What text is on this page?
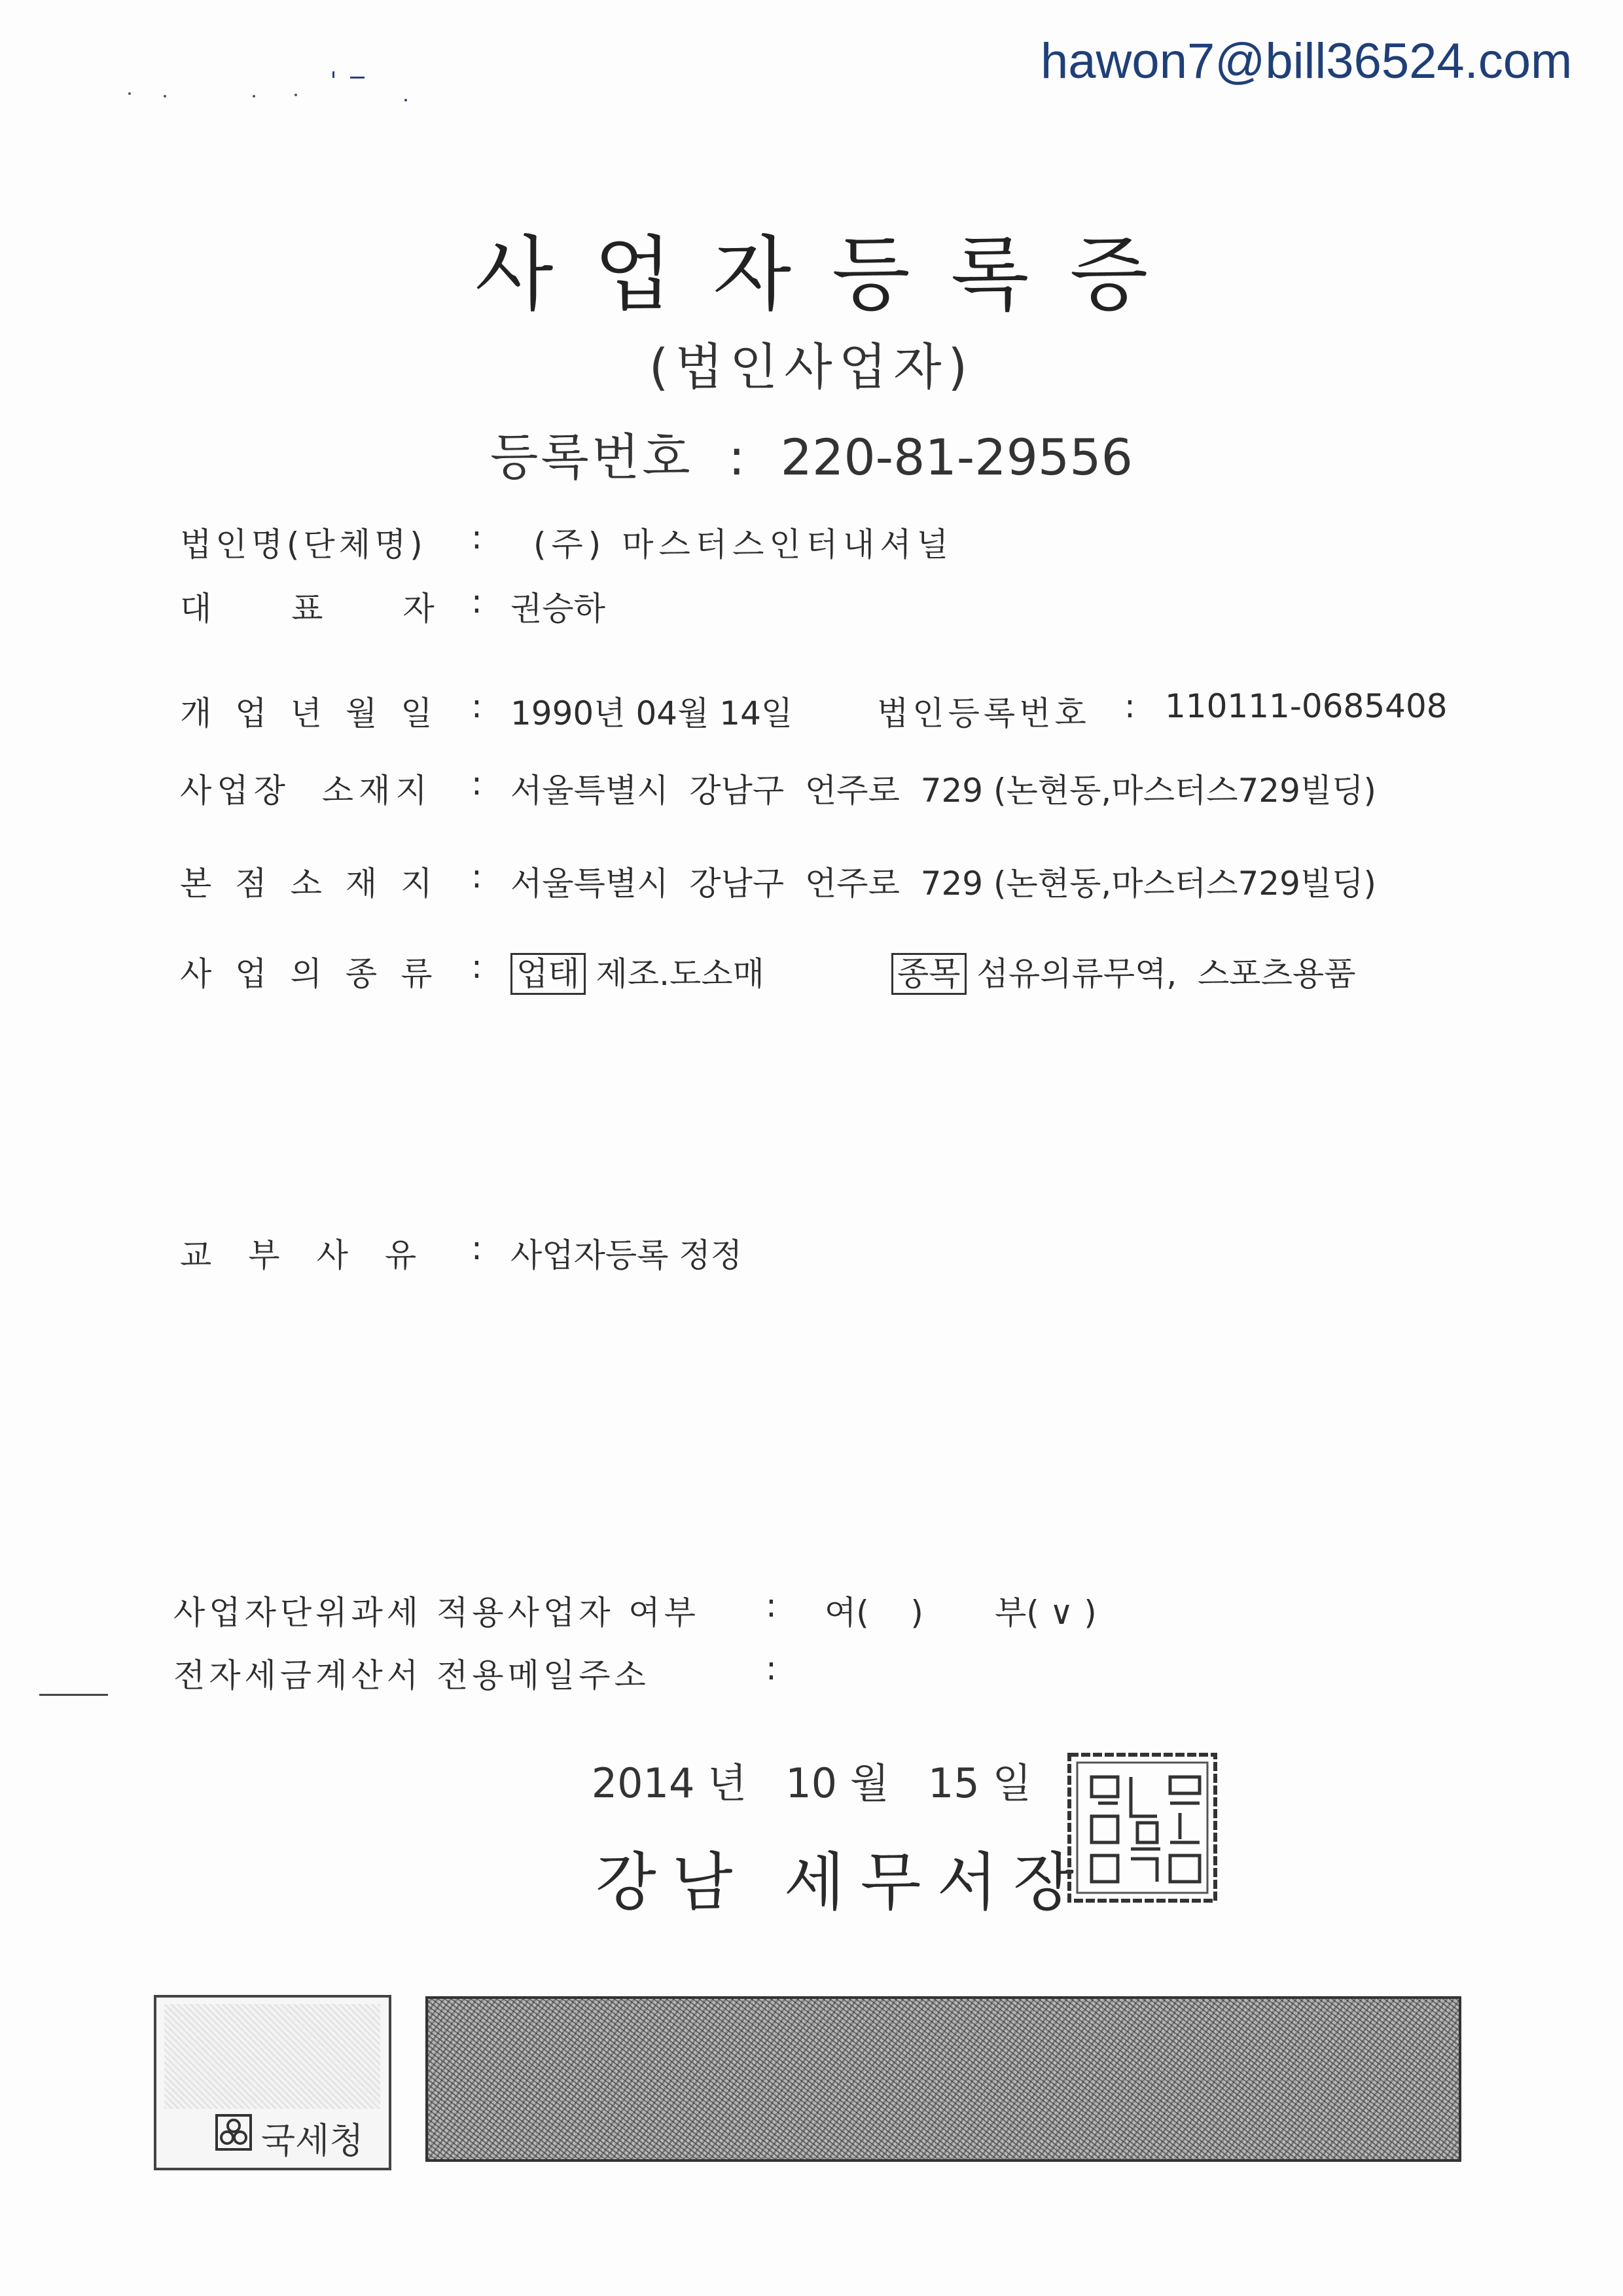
hawon7@bill36524.com
사업자등록증
(법인사업자)
등록번호 : 220-81-29556
법인명(단체명) : (주) 마스터스인터내셔널
대 표 자 : 권승하
개업년월일 : 1990년 04월 14일	법인등록번호 : 110111-0685408
사업장 소재지 : 서울특별시  강남구  언주로  729 (논현동,마스터스729빌딩)
본점소재지 : 서울특별시  강남구  언주로  729 (논현동,마스터스729빌딩)
사업의종류 : 업태 제조.도소매	종목 섬유의류무역,  스포츠용품
교부사유 : 사업자등록 정정
사업자단위과세 적용사업자 여부 : 여(    ) 부( ∨ )
전자세금계산서 전용메일주소	:
2014 년   10 월   15 일
강남 세무서장
국세청
